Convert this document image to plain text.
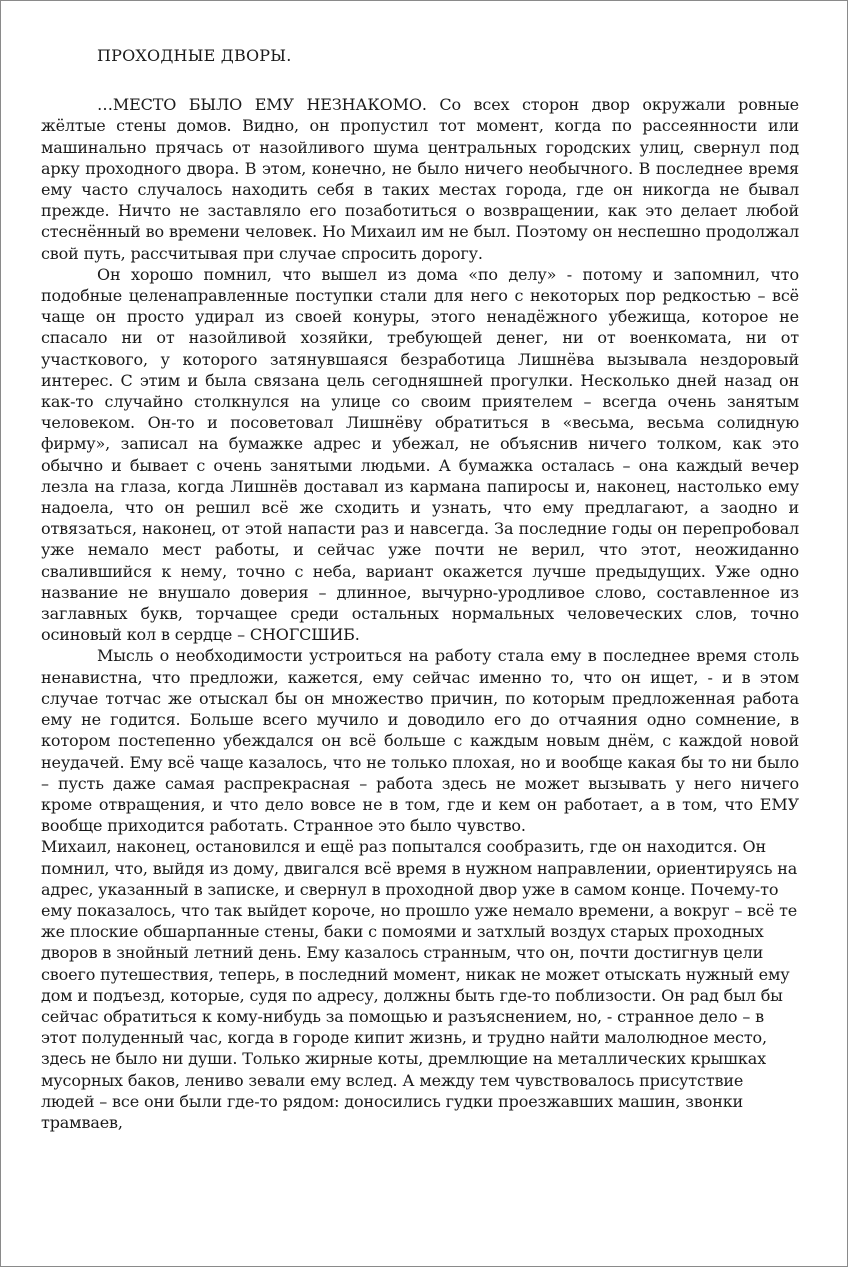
ПРОХОДНЫЕ ДВОРЫ.

…МЕСТО БЫЛО ЕМУ НЕЗНАКОМО. Со всех сторон двор окружали ровные жёлтые стены домов. Видно, он пропустил тот момент, когда по рассеянности или машинально прячась от назойливого шума центральных городских улиц, свернул под арку проходного двора. В этом, конечно, не было ничего необычного. В последнее время ему часто случалось находить себя в таких местах города, где он никогда не бывал прежде. Ничто не заставляло его позаботиться о возвращении, как это делает любой стеснённый во времени человек. Но Михаил им не был. Поэтому он неспешно продолжал свой путь, рассчитывая при случае спросить дорогу.

Он хорошо помнил, что вышел из дома «по делу» - потому и запомнил, что подобные целенаправленные поступки стали для него с некоторых пор редкостью – всё чаще он просто удирал из своей конуры, этого ненадёжного убежища, которое не спасало ни от назойливой хозяйки, требующей денег, ни от военкомата, ни от участкового, у которого затянувшаяся безработица Лишнёва вызывала нездоровый интерес. С этим и была связана цель сегодняшней прогулки. Несколько дней назад он как-то случайно столкнулся на улице со своим приятелем – всегда очень занятым человеком. Он-то и посоветовал Лишнёву обратиться в «весьма, весьма солидную фирму», записал на бумажке адрес и убежал, не объяснив ничего толком, как это обычно и бывает с очень занятыми людьми. А бумажка осталась – она каждый вечер лезла на глаза, когда Лишнёв доставал из кармана папиросы и, наконец, настолько ему надоела, что он решил всё же сходить и узнать, что ему предлагают, а заодно и отвязаться, наконец, от этой напасти раз и навсегда. За последние годы он перепробовал уже немало мест работы, и сейчас уже почти не верил, что этот, неожиданно свалившийся к нему, точно с неба, вариант окажется лучше предыдущих. Уже одно название не внушало доверия – длинное, вычурно-уродливое слово, составленное из заглавных букв, торчащее среди остальных нормальных человеческих слов, точно осиновый кол в сердце – СНОГСШИБ.

Мысль о необходимости устроиться на работу стала ему в последнее время столь ненавистна, что предложи, кажется, ему сейчас именно то, что он ищет, - и в этом случае тотчас же отыскал бы он множество причин, по которым предложенная работа ему не годится. Больше всего мучило и доводило его до отчаяния одно сомнение, в котором постепенно убеждался он всё больше с каждым новым днём, с каждой новой неудачей. Ему всё чаще казалось, что не только плохая, но и вообще какая бы то ни было – пусть даже самая распрекрасная – работа здесь не может вызывать у него ничего кроме отвращения, и что дело вовсе не в том, где и кем он работает, а в том, что ЕМУ вообще приходится работать. Странное это было чувство.

Михаил, наконец, остановился и ещё раз попытался сообразить, где он находится. Он помнил, что, выйдя из дому, двигался всё время в нужном направлении, ориентируясь на адрес, указанный в записке, и свернул в проходной двор уже в самом конце. Почему-то ему показалось, что так выйдет короче, но прошло уже немало времени, а вокруг – всё те же плоские обшарпанные стены, баки с помоями и затхлый воздух старых проходных дворов в знойный летний день. Ему казалось странным, что он, почти достигнув цели своего путешествия, теперь, в последний момент, никак не может отыскать нужный ему дом и подъезд, которые, судя по адресу, должны быть где-то поблизости. Он рад был бы сейчас обратиться к кому-нибудь за помощью и разъяснением, но, - странное дело – в этот полуденный час, когда в городе кипит жизнь, и трудно найти малолюдное место, здесь не было ни души. Только жирные коты, дремлющие на металлических крышках мусорных баков, лениво зевали ему вслед. А между тем чувствовалось присутствие людей – все они были где-то рядом: доносились гудки проезжавших машин, звонки трамваев,
